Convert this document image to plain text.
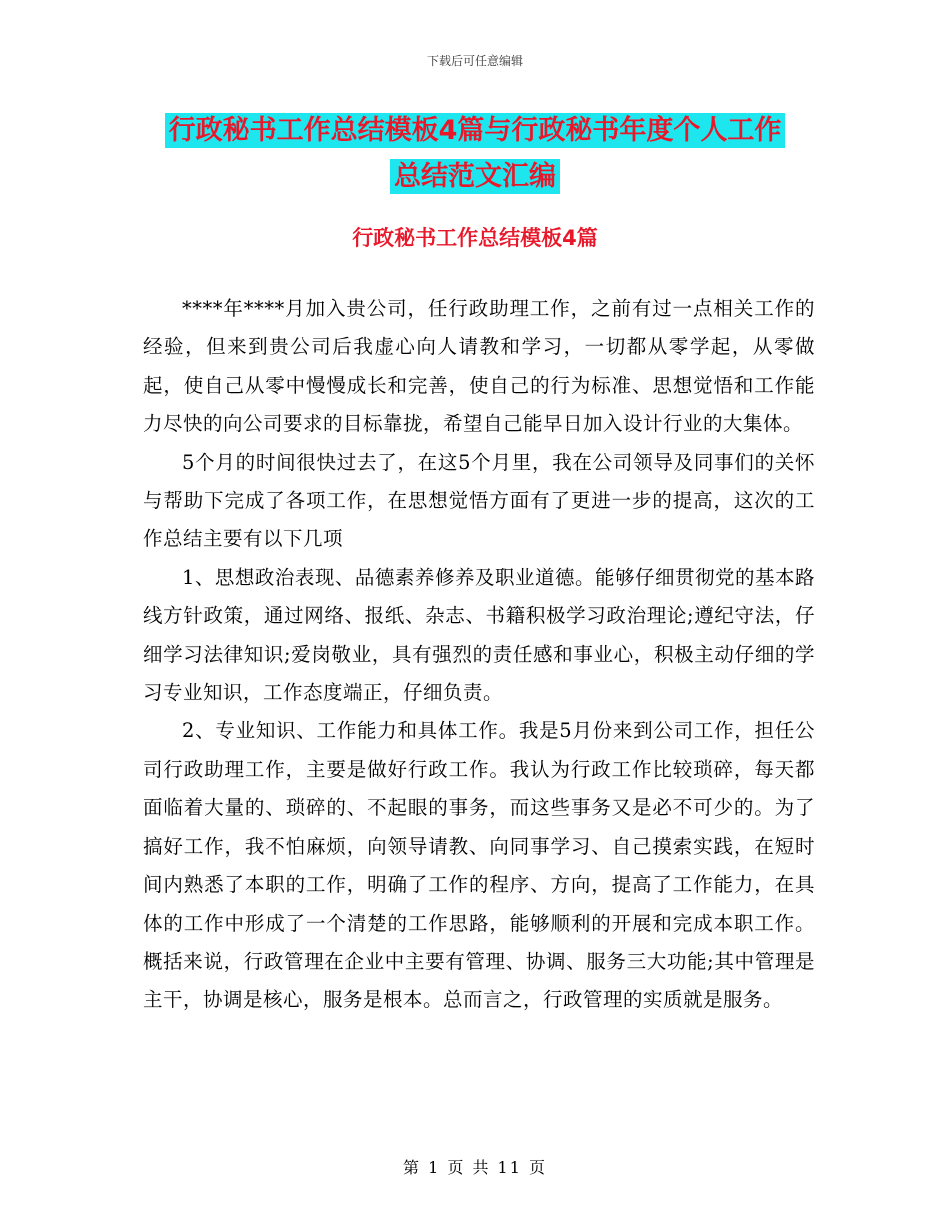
下载后可任意编辑
行政秘书工作总结模板4篇与行政秘书年度个人工作
总结范文汇编
行政秘书工作总结模板4篇

****年****月加入贵公司，任行政助理工作，之前有过一点相关工作的经验，但来到贵公司后我虚心向人请教和学习，一切都从零学起，从零做起，使自己从零中慢慢成长和完善，使自己的行为标准、思想觉悟和工作能力尽快的向公司要求的目标靠拢，希望自己能早日加入设计行业的大集体。

5个月的时间很快过去了，在这5个月里，我在公司领导及同事们的关怀与帮助下完成了各项工作，在思想觉悟方面有了更进一步的提高，这次的工作总结主要有以下几项

1、思想政治表现、品德素养修养及职业道德。能够仔细贯彻党的基本路线方针政策，通过网络、报纸、杂志、书籍积极学习政治理论;遵纪守法，仔细学习法律知识;爱岗敬业，具有强烈的责任感和事业心，积极主动仔细的学习专业知识，工作态度端正，仔细负责。

2、专业知识、工作能力和具体工作。我是5月份来到公司工作，担任公司行政助理工作，主要是做好行政工作。我认为行政工作比较琐碎，每天都面临着大量的、琐碎的、不起眼的事务，而这些事务又是必不可少的。为了搞好工作，我不怕麻烦，向领导请教、向同事学习、自己摸索实践，在短时间内熟悉了本职的工作，明确了工作的程序、方向，提高了工作能力，在具体的工作中形成了一个清楚的工作思路，能够顺利的开展和完成本职工作。概括来说，行政管理在企业中主要有管理、协调、服务三大功能;其中管理是主干，协调是核心，服务是根本。总而言之，行政管理的实质就是服务。

第 1 页 共 11 页
